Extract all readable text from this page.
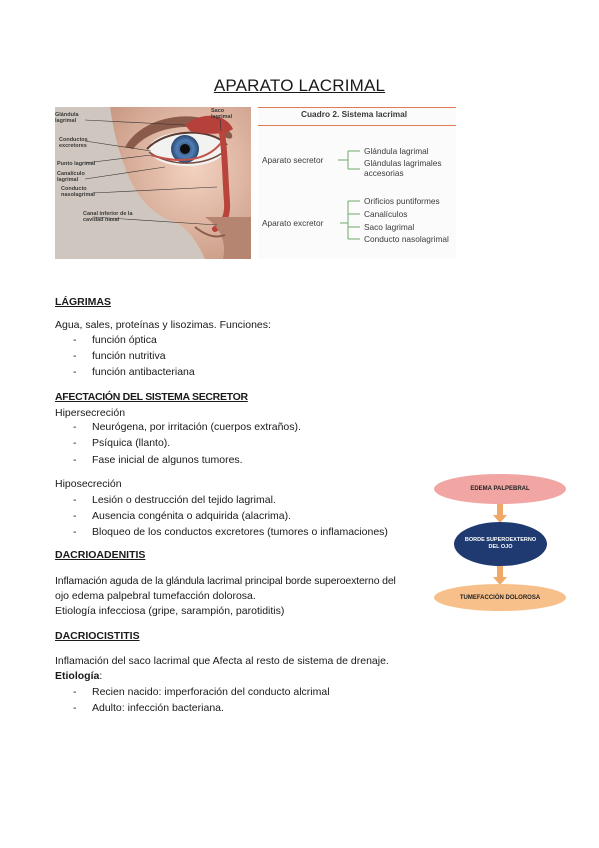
APARATO LACRIMAL
Glándula lagrimal
Saco lagrimal
Conductos excretores
Punto lagrimal
Canalículo lagrimal
Conducto nasolagrimal
Canal inferior de la cavidad nasal
Cuadro 2. Sistema lacrimal
Aparato secretor
Glándula lagrimal
Glándulas lagrimales accesorias
Aparato excretor
Orificios puntiformes
Canalículos
Saco lagrimal
Conducto nasolagrimal
LÁGRIMAS
Agua, sales, proteínas y lisozimas. Funciones:
- función óptica
- función nutritiva
- función antibacteriana
AFECTACIÓN DEL SISTEMA SECRETOR
Hipersecreción
- Neurógena, por irritación (cuerpos extraños).
- Psíquica (llanto).
- Fase inicial de algunos tumores.
Hiposecreción
- Lesión o destrucción del tejido lagrimal.
- Ausencia congénita o adquirida (alacrima).
- Bloqueo de los conductos excretores (tumores o inflamaciones)
DACRIOADENITIS
Inflamación aguda de la glándula lacrimal principal borde superoexterno del
ojo edema palpebral tumefacción dolorosa.
Etiología infecciosa (gripe, sarampión, parotiditis)
EDEMA PALPEBRAL
BORDE SUPEROEXTERNO DEL OJO
TUMEFACCIÓN DOLOROSA
DACRIOCISTITIS
Inflamación del saco lacrimal que Afecta al resto de sistema de drenaje.
Etiología:
- Recien nacido: imperforación del conducto alcrimal
- Adulto: infección bacteriana.
